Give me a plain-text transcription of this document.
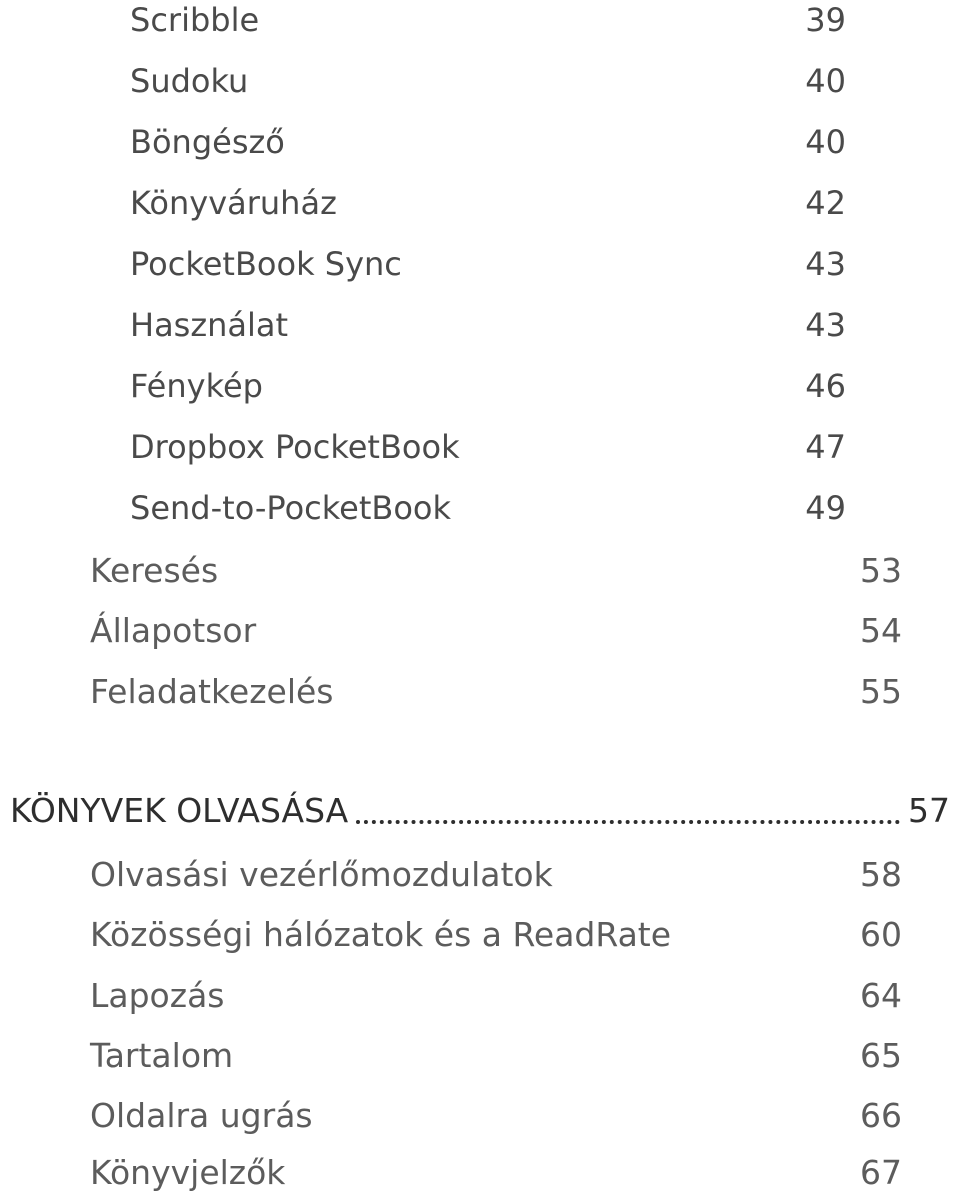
Scribble	39
Sudoku	40
Böngésző	40
Könyváruház	42
PocketBook Sync	43
Használat	43
Fénykép	46
Dropbox PocketBook	47
Send-to-PocketBook	49
Keresés	53
Állapotsor	54
Feladatkezelés	55
KÖNYVEK OLVASÁSA	57
Olvasási vezérlőmozdulatok	58
Közösségi hálózatok és a ReadRate	60
Lapozás	64
Tartalom	65
Oldalra ugrás	66
Könyvjelzők	67
